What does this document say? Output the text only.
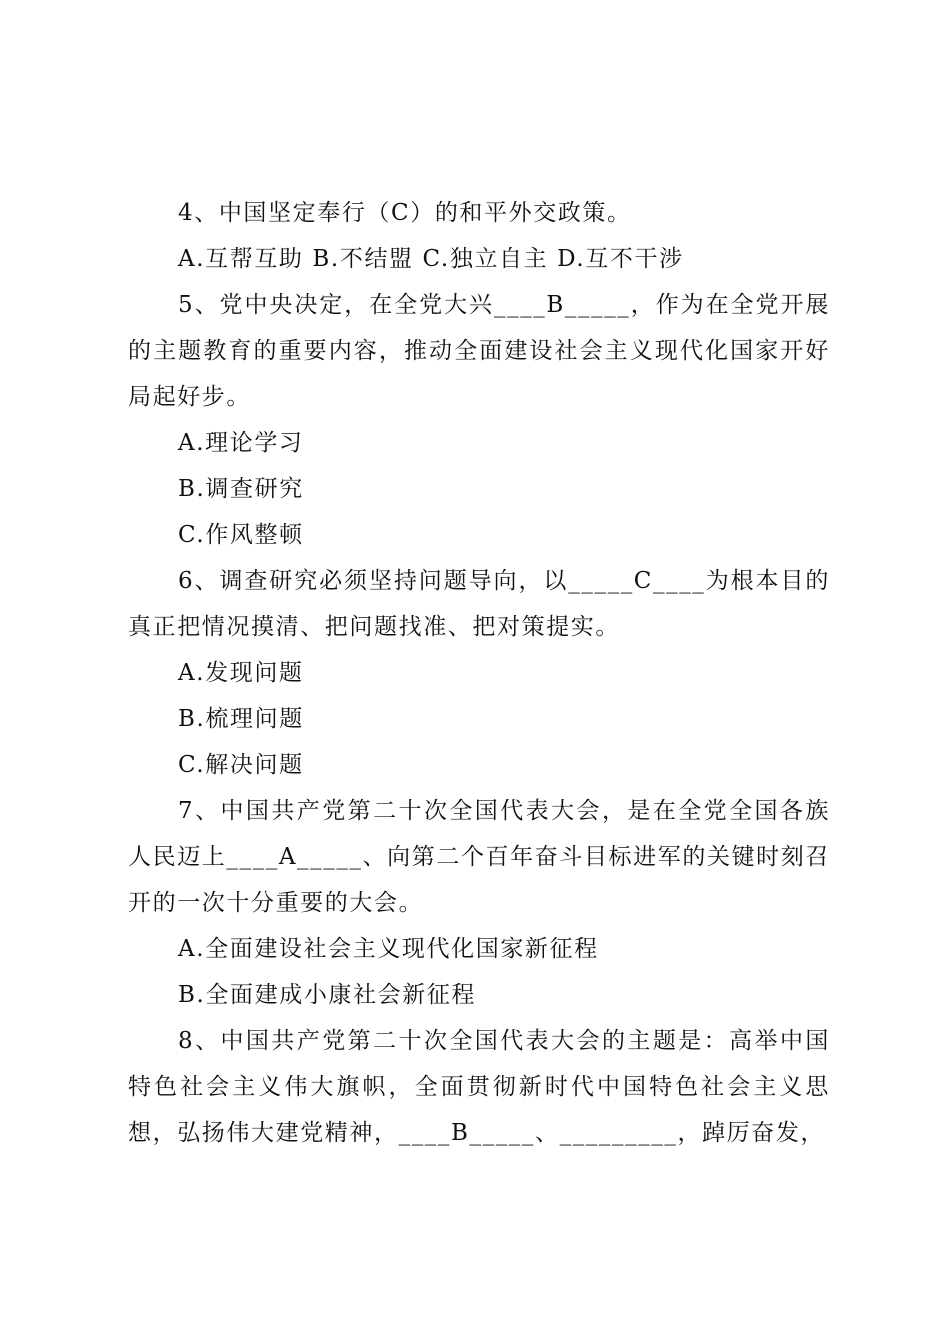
4、中国坚定奉行（C）的和平外交政策。

A.互帮互助 B.不结盟 C.独立自主 D.互不干涉

5、党中央决定，在全党大兴____B_____，作为在全党开展的主题教育的重要内容，推动全面建设社会主义现代化国家开好局起好步。

A.理论学习

B.调查研究

C.作风整顿

6、调查研究必须坚持问题导向，以_____C____为根本目的真正把情况摸清、把问题找准、把对策提实。

A.发现问题

B.梳理问题

C.解决问题

7、中国共产党第二十次全国代表大会，是在全党全国各族人民迈上____A_____、向第二个百年奋斗目标进军的关键时刻召开的一次十分重要的大会。

A.全面建设社会主义现代化国家新征程

B.全面建成小康社会新征程

8、中国共产党第二十次全国代表大会的主题是：高举中国特色社会主义伟大旗帜，全面贯彻新时代中国特色社会主义思想，弘扬伟大建党精神，____B_____、_________，踔厉奋发，
